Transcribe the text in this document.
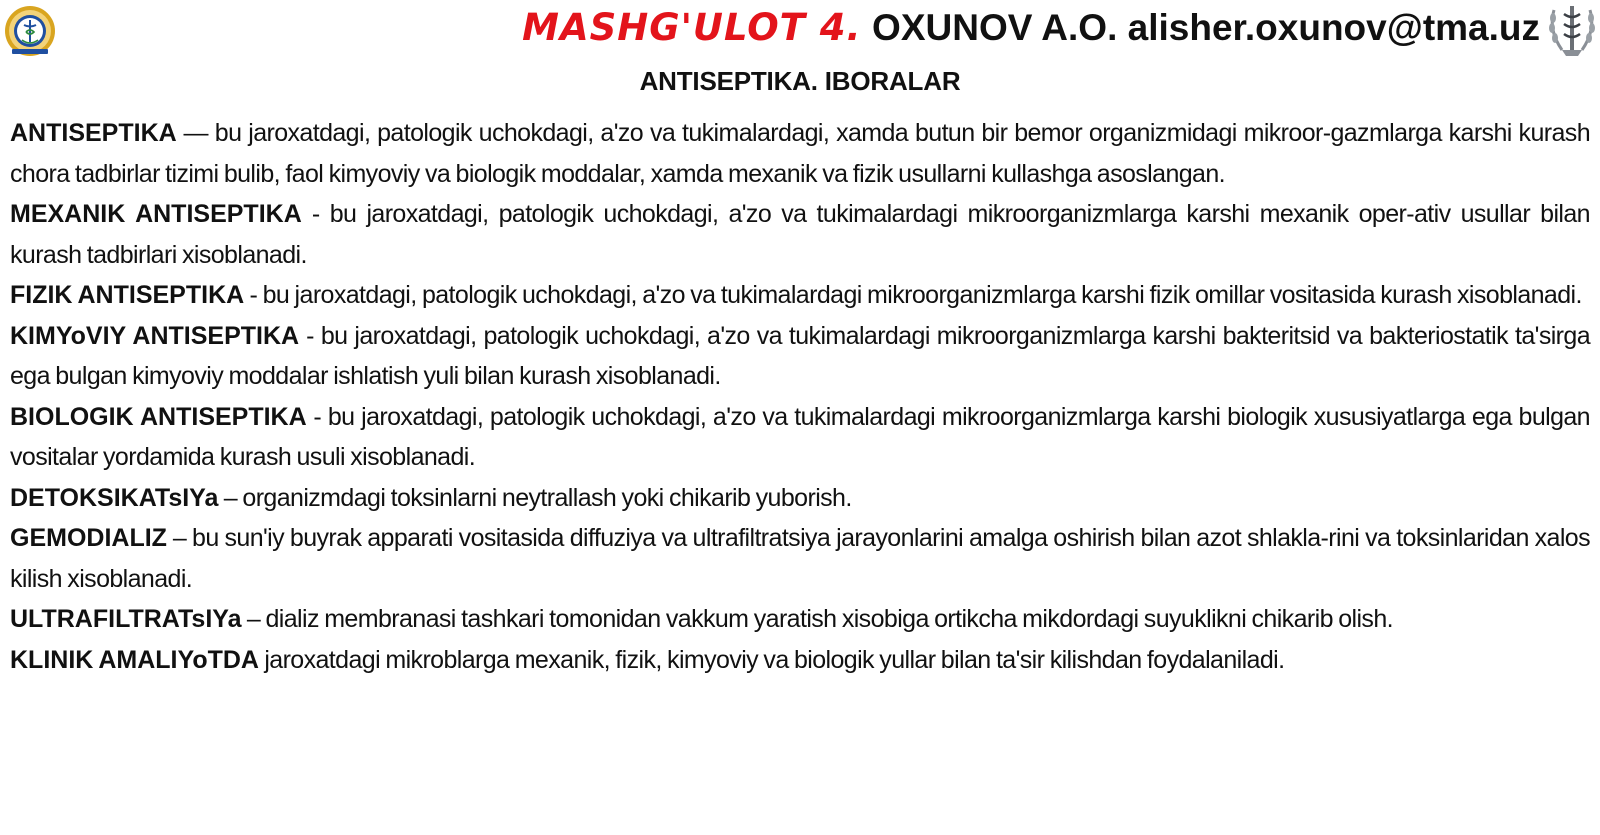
MASHG'ULOT 4. OXUNOV A.O. alisher.oxunov@tma.uz
ANTISEPTIKA. IBORALAR

ANTISEPTIKA — bu jaroxatdagi, patologik uchokdagi, a'zo va tukimalardagi, xamda butun bir bemor organizmidagi mikroor-gazmlarga karshi kurash chora tadbirlar tizimi bulib, faol kimyoviy va biologik moddalar, xamda mexanik va fizik usullarni kullashga asoslangan.

MEXANIK ANTISEPTIKA - bu jaroxatdagi, patologik uchokdagi, a'zo va tukimalardagi mikroorganizmlarga karshi mexanik oper-ativ usullar bilan kurash tadbirlari xisoblanadi.

FIZIK ANTISEPTIKA - bu jaroxatdagi, patologik uchokdagi, a'zo va tukimalardagi mikroorganizmlarga karshi fizik omillar vositasida kurash xisoblanadi.

KIMYoVIY ANTISEPTIKA - bu jaroxatdagi, patologik uchokdagi, a'zo va tukimalardagi mikroorganizmlarga karshi bakteritsid va bakteriostatik ta'sirga ega bulgan kimyoviy moddalar ishlatish yuli bilan kurash xisoblanadi.

BIOLOGIK ANTISEPTIKA - bu jaroxatdagi, patologik uchokdagi, a'zo va tukimalardagi mikroorganizmlarga karshi biologik xususiyatlarga ega bulgan vositalar yordamida kurash usuli xisoblanadi.

DETOKSIKATsIYa – organizmdagi toksinlarni neytrallash yoki chikarib yuborish.

GEMODIALIZ – bu sun'iy buyrak apparati vositasida diffuziya va ultrafiltratsiya jarayonlarini amalga oshirish bilan azot shlakla-rini va toksinlaridan xalos kilish xisoblanadi.

ULTRAFILTRATsIYa – dializ membranasi tashkari tomonidan vakkum yaratish xisobiga ortikcha mikdordagi suyuklikni chikarib olish.

KLINIK AMALIYoTDA jaroxatdagi mikroblarga mexanik, fizik, kimyoviy va biologik yullar bilan ta'sir kilishdan foydalaniladi.
